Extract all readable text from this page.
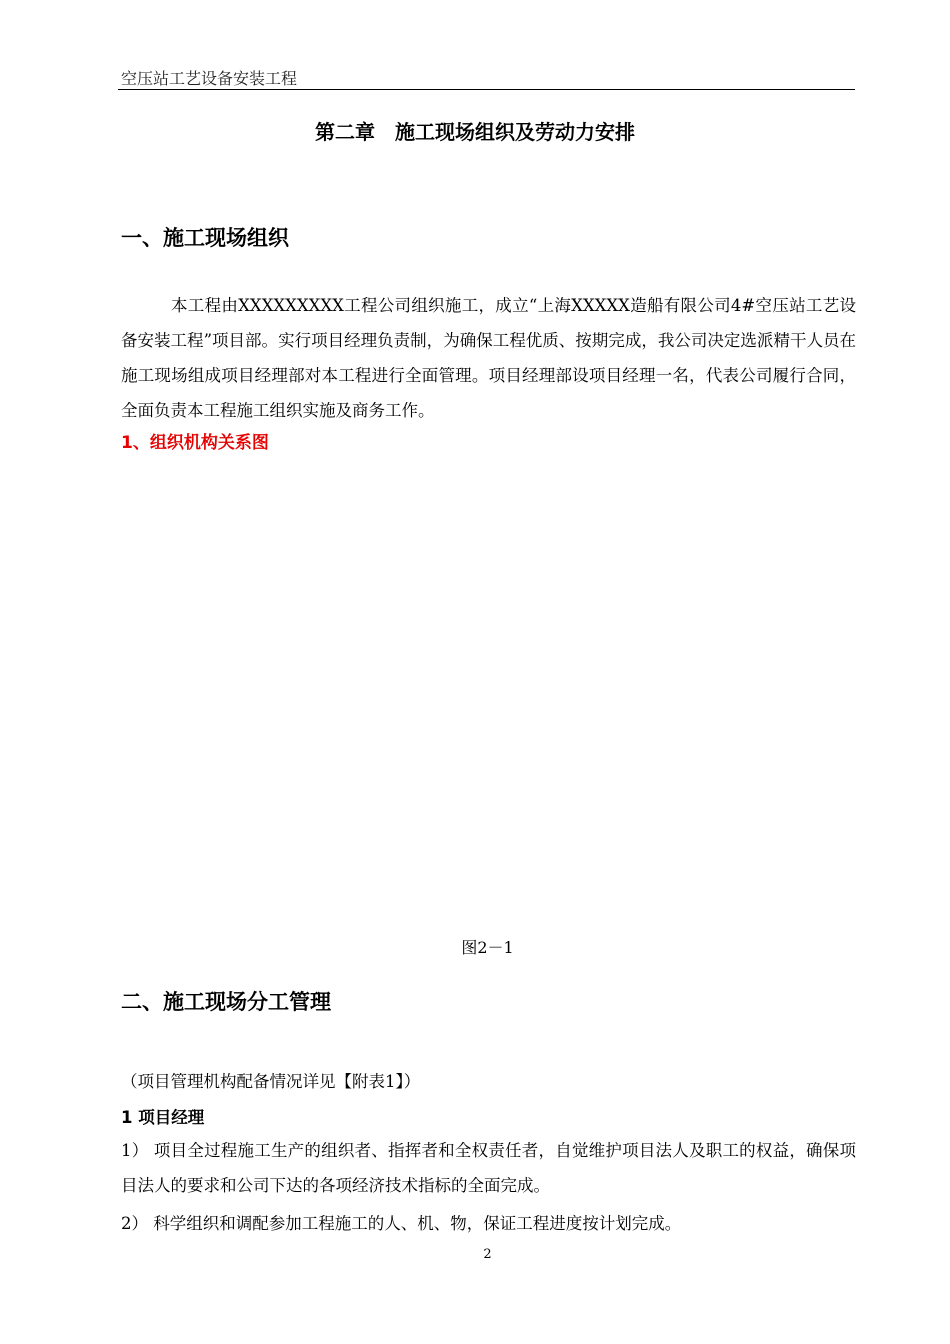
空压站工艺设备安装工程
第二章　施工现场组织及劳动力安排
一、施工现场组织
本工程由XXXXXXXXX工程公司组织施工，成立“上海XXXXX造船有限公司4#空压站工艺设备安装工程”项目部。实行项目经理负责制，为确保工程优质、按期完成，我公司决定选派精干人员在施工现场组成项目经理部对本工程进行全面管理。项目经理部设项目经理一名，代表公司履行合同，全面负责本工程施工组织实施及商务工作。
1、组织机构关系图
图2－1
二、施工现场分工管理
（项目管理机构配备情况详见【附表1】）
1 项目经理
1） 项目全过程施工生产的组织者、指挥者和全权责任者，自觉维护项目法人及职工的权益，确保项目法人的要求和公司下达的各项经济技术指标的全面完成。
2） 科学组织和调配参加工程施工的人、机、物，保证工程进度按计划完成。
2
